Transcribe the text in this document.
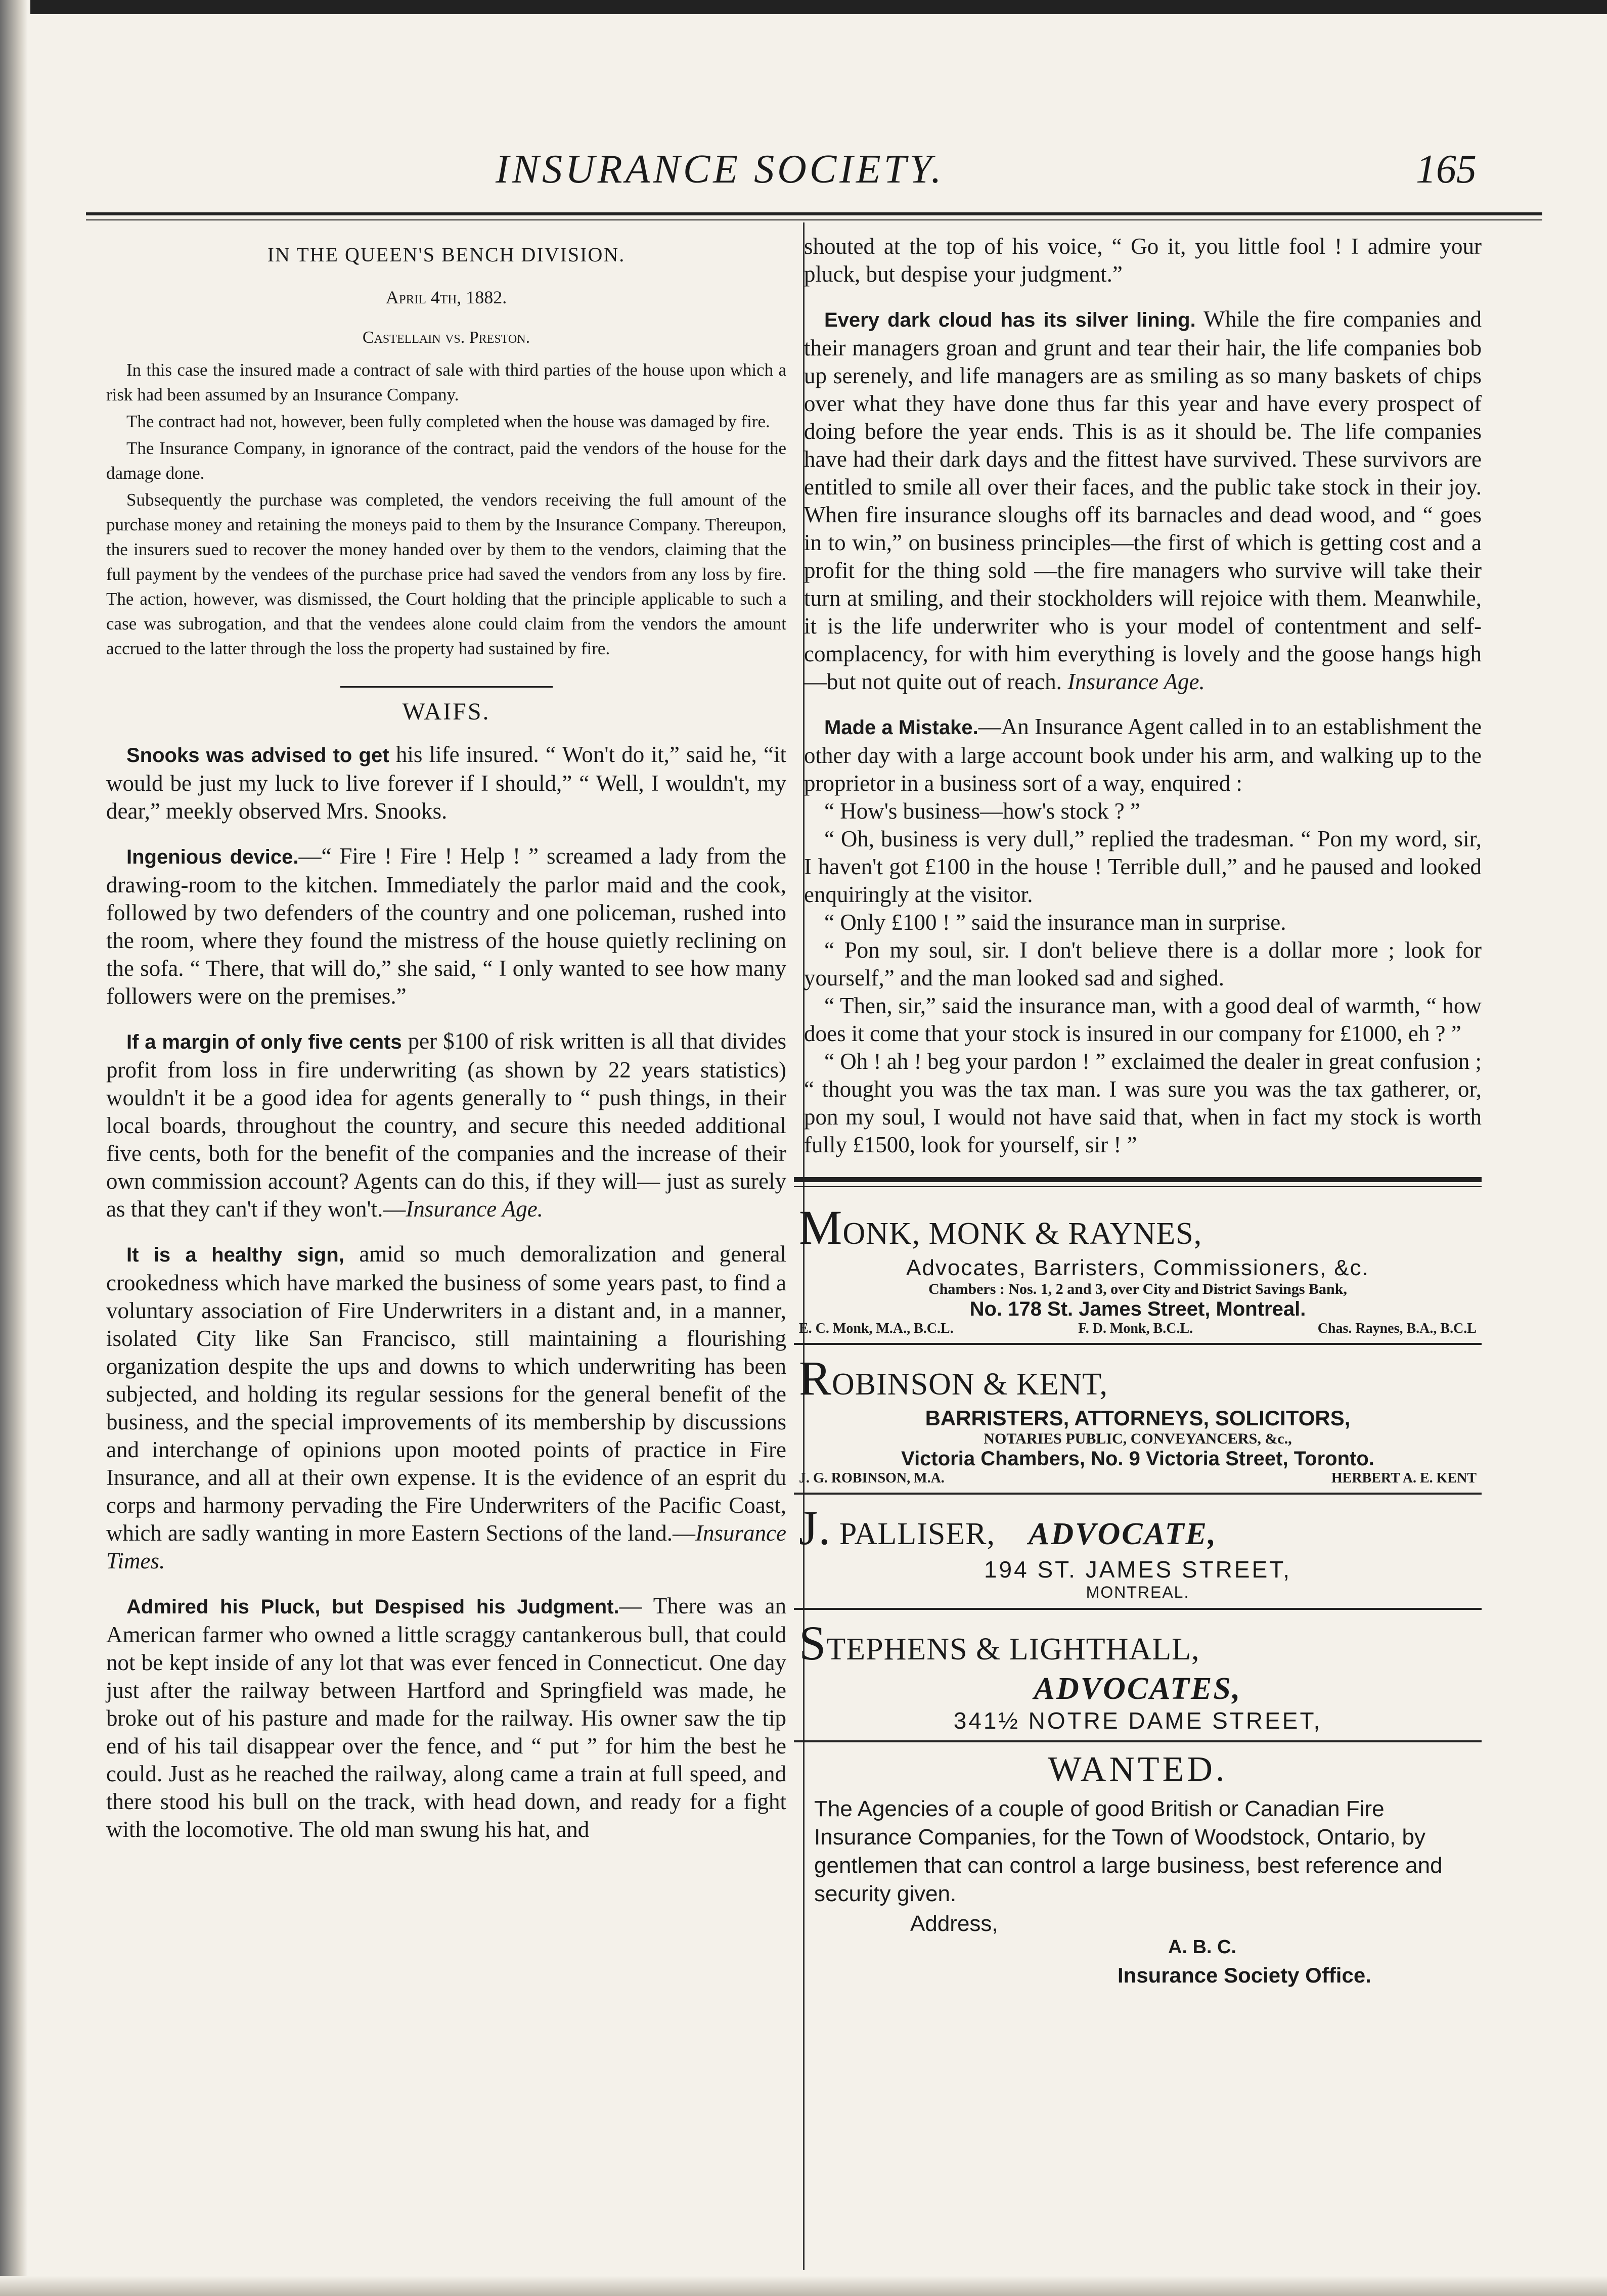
INSURANCE SOCIETY.	165

IN THE QUEEN'S BENCH DIVISION.

April 4th, 1882.

Castellain vs. Preston.

In this case the insured made a contract of sale with third parties of the house upon which a risk had been assumed by an Insurance Company.

The contract had not, however, been fully completed when the house was damaged by fire.

The Insurance Company, in ignorance of the contract, paid the vendors of the house for the damage done.

Subsequently the purchase was completed, the vendors receiving the full amount of the purchase money and retaining the moneys paid to them by the Insurance Company. Thereupon, the insurers sued to recover the money handed over by them to the vendors, claiming that the full payment by the vendees of the purchase price had saved the vendors from any loss by fire. The action, however, was dismissed, the Court holding that the principle applicable to such a case was subrogation, and that the vendees alone could claim from the vendors the amount accrued to the latter through the loss the property had sustained by fire.

WAIFS.

Snooks was advised to get his life insured. “ Won't do it,” said he, “it would be just my luck to live forever if I should,” “ Well, I wouldn't, my dear,” meekly observed Mrs. Snooks.

Ingenious device.—“ Fire ! Fire ! Help ! ” screamed a lady from the drawing-room to the kitchen. Immediately the parlor maid and the cook, followed by two defenders of the country and one policeman, rushed into the room, where they found the mistress of the house quietly reclining on the sofa. “ There, that will do,” she said, “ I only wanted to see how many followers were on the premises.”

If a margin of only five cents per $100 of risk written is all that divides profit from loss in fire underwriting (as shown by 22 years statistics) wouldn't it be a good idea for agents generally to “ push things, in their local boards, throughout the country, and secure this needed additional five cents, both for the benefit of the companies and the increase of their own commission account? Agents can do this, if they will— just as surely as that they can't if they won't.—Insurance Age.

It is a healthy sign, amid so much demoralization and general crookedness which have marked the business of some years past, to find a voluntary association of Fire Underwriters in a distant and, in a manner, isolated City like San Francisco, still maintaining a flourishing organization despite the ups and downs to which underwriting has been subjected, and holding its regular sessions for the general benefit of the business, and the special improvements of its membership by discussions and interchange of opinions upon mooted points of practice in Fire Insurance, and all at their own expense. It is the evidence of an esprit du corps and harmony pervading the Fire Underwriters of the Pacific Coast, which are sadly wanting in more Eastern Sections of the land.—Insurance Times.

Admired his Pluck, but Despised his Judgment.— There was an American farmer who owned a little scraggy cantankerous bull, that could not be kept inside of any lot that was ever fenced in Connecticut. One day just after the railway between Hartford and Springfield was made, he broke out of his pasture and made for the railway. His owner saw the tip end of his tail disappear over the fence, and “ put ” for him the best he could. Just as he reached the railway, along came a train at full speed, and there stood his bull on the track, with head down, and ready for a fight with the locomotive. The old man swung his hat, and

shouted at the top of his voice, “ Go it, you little fool ! I admire your pluck, but despise your judgment.”

Every dark cloud has its silver lining. While the fire companies and their managers groan and grunt and tear their hair, the life companies bob up serenely, and life managers are as smiling as so many baskets of chips over what they have done thus far this year and have every prospect of doing before the year ends. This is as it should be. The life companies have had their dark days and the fittest have survived. These survivors are entitled to smile all over their faces, and the public take stock in their joy. When fire insurance sloughs off its barnacles and dead wood, and “ goes in to win,” on business principles—the first of which is getting cost and a profit for the thing sold —the fire managers who survive will take their turn at smiling, and their stockholders will rejoice with them. Meanwhile, it is the life underwriter who is your model of contentment and self-complacency, for with him everything is lovely and the goose hangs high—but not quite out of reach. Insurance Age.

Made a Mistake.—An Insurance Agent called in to an establishment the other day with a large account book under his arm, and walking up to the proprietor in a business sort of a way, enquired :

“ How's business—how's stock ? ”

“ Oh, business is very dull,” replied the tradesman. “ Pon my word, sir, I haven't got £100 in the house ! Terrible dull,” and he paused and looked enquiringly at the visitor.

“ Only £100 ! ” said the insurance man in surprise.

“ Pon my soul, sir. I don't believe there is a dollar more ; look for yourself,” and the man looked sad and sighed.

“ Then, sir,” said the insurance man, with a good deal of warmth, “ how does it come that your stock is insured in our company for £1000, eh ? ”

“ Oh ! ah ! beg your pardon ! ” exclaimed the dealer in great confusion ; “ thought you was the tax man. I was sure you was the tax gatherer, or, pon my soul, I would not have said that, when in fact my stock is worth fully £1500, look for yourself, sir ! ”

MONK, MONK & RAYNES,
Advocates, Barristers, Commissioners, &c.
Chambers : Nos. 1, 2 and 3, over City and District Savings Bank,
No. 178 St. James Street, Montreal.
E. C. Monk, M.A., B.C.L.	F. D. Monk, B.C.L.	Chas. Raynes, B.A., B.C.L
ROBINSON & KENT,
BARRISTERS, ATTORNEYS, SOLICITORS,
NOTARIES PUBLIC, CONVEYANCERS, &c.,
Victoria Chambers, No. 9 Victoria Street, Toronto.
J. G. ROBINSON, M.A.	HERBERT A. E. KENT
J. PALLISER, ADVOCATE,
194 ST. JAMES STREET,
MONTREAL.
STEPHENS & LIGHTHALL,
ADVOCATES,
341½ NOTRE DAME STREET,
WANTED.
The Agencies of a couple of good British or Canadian Fire Insurance Companies, for the Town of Woodstock, Ontario, by gentlemen that can control a large business, best reference and security given.
Address,
A. B. C.
Insurance Society Office.
